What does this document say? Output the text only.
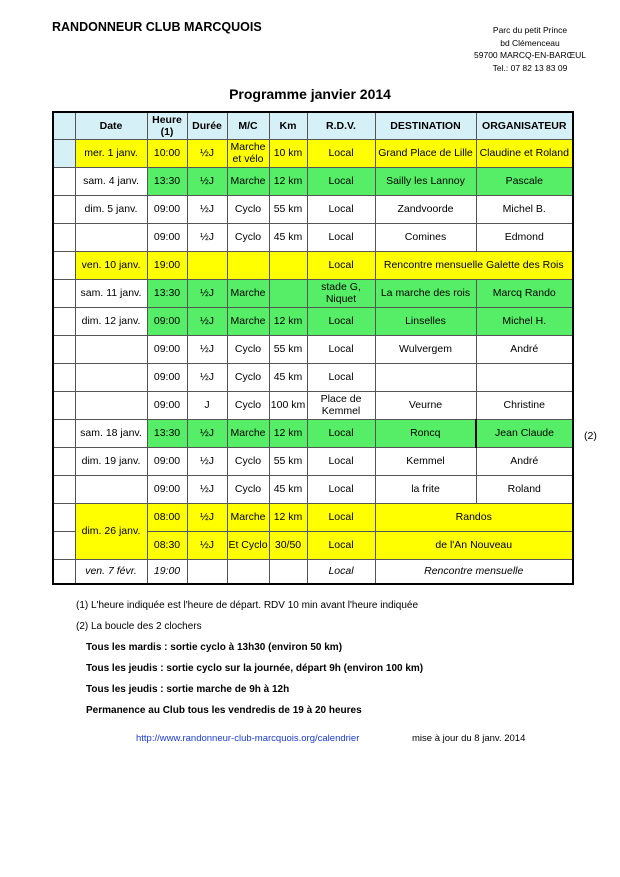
RANDONNEUR CLUB MARCQUOIS	Parc du petit Prince
bd Clémenceau
59700 MARCQ-EN-BARŒUL
Tel.: 07 82 13 83 09
Programme janvier 2014
	Date	Heure (1)	Durée	M/C	Km	R.D.V.	DESTINATION	ORGANISATEUR
	mer. 1 janv.	10:00	½J	Marche et vélo	10 km	Local	Grand Place de Lille	Claudine et Roland
	sam. 4 janv.	13:30	½J	Marche	12 km	Local	Sailly les Lannoy	Pascale
	dim. 5 janv.	09:00	½J	Cyclo	55 km	Local	Zandvoorde	Michel B.
		09:00	½J	Cyclo	45 km	Local	Comines	Edmond
	ven. 10 janv.	19:00				Local	Rencontre mensuelle Galette des Rois	
	sam. 11 janv.	13:30	½J	Marche		stade G, Niquet	La marche des rois	Marcq Rando
	dim. 12 janv.	09:00	½J	Marche	12 km	Local	Linselles	Michel H.
		09:00	½J	Cyclo	55 km	Local	Wulvergem	André
		09:00	½J	Cyclo	45 km	Local		
		09:00	J	Cyclo	100 km	Place de Kemmel	Veurne	Christine
	sam. 18 janv.	13:30	½J	Marche	12 km	Local	Roncq	Jean Claude
	dim. 19 janv.	09:00	½J	Cyclo	55 km	Local	Kemmel	André
		09:00	½J	Cyclo	45 km	Local	la frite	Roland
	dim. 26 janv.	08:00	½J	Marche	12 km	Local	Randos	
		08:30	½J	Et Cyclo	30/50	Local	de l'An Nouveau	
	ven. 7 févr.	19:00				Local	Rencontre mensuelle	
(2)
(1) L'heure indiquée est l'heure de départ. RDV 10 min avant l'heure indiquée
(2) La boucle des 2 clochers
Tous les mardis : sortie cyclo à 13h30 (environ 50 km)
Tous les jeudis : sortie cyclo sur la journée, départ 9h (environ 100 km)
Tous les jeudis : sortie marche de 9h à 12h
Permanence au Club tous les vendredis de 19 à 20 heures
http://www.randonneur-club-marcquois.org/calendrier	mise à jour du 8 janv. 2014
